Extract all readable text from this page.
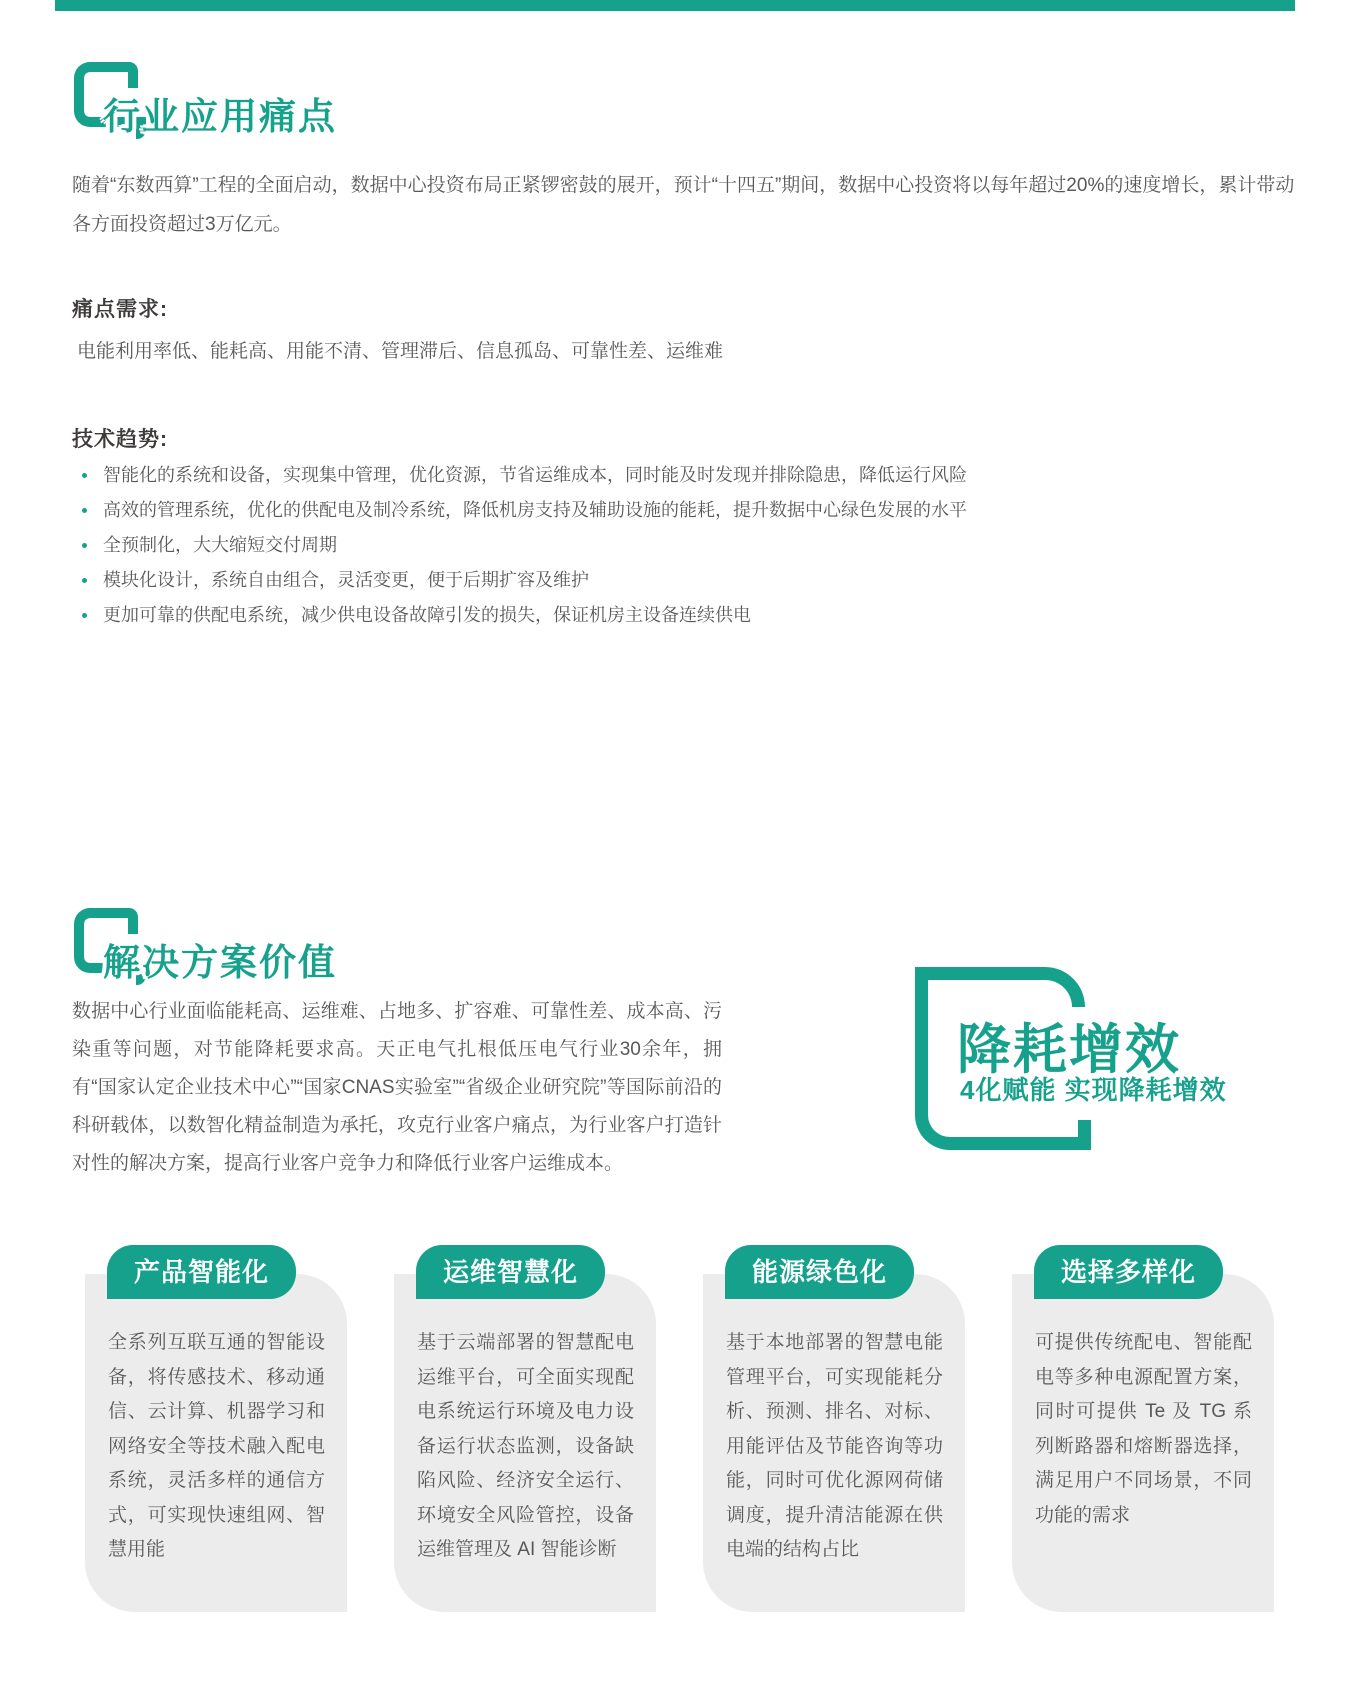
行业应用痛点

随着“东数西算”工程的全面启动，数据中心投资布局正紧锣密鼓的展开，预计“十四五”期间，数据中心投资将以每年超过20%的速度增长，累计带动各方面投资超过3万亿元。

痛点需求:

电能利用率低、能耗高、用能不清、管理滞后、信息孤岛、可靠性差、运维难

技术趋势:
智能化的系统和设备，实现集中管理，优化资源，节省运维成本，同时能及时发现并排除隐患，降低运行风险
高效的管理系统，优化的供配电及制冷系统，降低机房支持及辅助设施的能耗，提升数据中心绿色发展的水平
全预制化，大大缩短交付周期
模块化设计，系统自由组合，灵活变更，便于后期扩容及维护
更加可靠的供配电系统，减少供电设备故障引发的损失，保证机房主设备连续供电
解决方案价值

数据中心行业面临能耗高、运维难、占地多、扩容难、可靠性差、成本高、污染重等问题，对节能降耗要求高。天正电气扎根低压电气行业30余年，拥有“国家认定企业技术中心”“国家CNAS实验室”“省级企业研究院”等国际前沿的科研载体，以数智化精益制造为承托，攻克行业客户痛点，为行业客户打造针对性的解决方案，提高行业客户竞争力和降低行业客户运维成本。

降耗增效

4化赋能 实现降耗增效

产品智能化

全系列互联互通的智能设备，将传感技术、移动通信、云计算、机器学习和网络安全等技术融入配电系统，灵活多样的通信方式，可实现快速组网、智慧用能

运维智慧化

基于云端部署的智慧配电运维平台，可全面实现配电系统运行环境及电力设备运行状态监测，设备缺陷风险、经济安全运行、环境安全风险管控，设备运维管理及 AI 智能诊断

能源绿色化

基于本地部署的智慧电能管理平台，可实现能耗分析、预测、排名、对标、用能评估及节能咨询等功能，同时可优化源网荷储调度，提升清洁能源在供电端的结构占比

选择多样化

可提供传统配电、智能配电等多种电源配置方案，同时可提供 Te 及 TG 系列断路器和熔断器选择，满足用户不同场景，不同功能的需求
